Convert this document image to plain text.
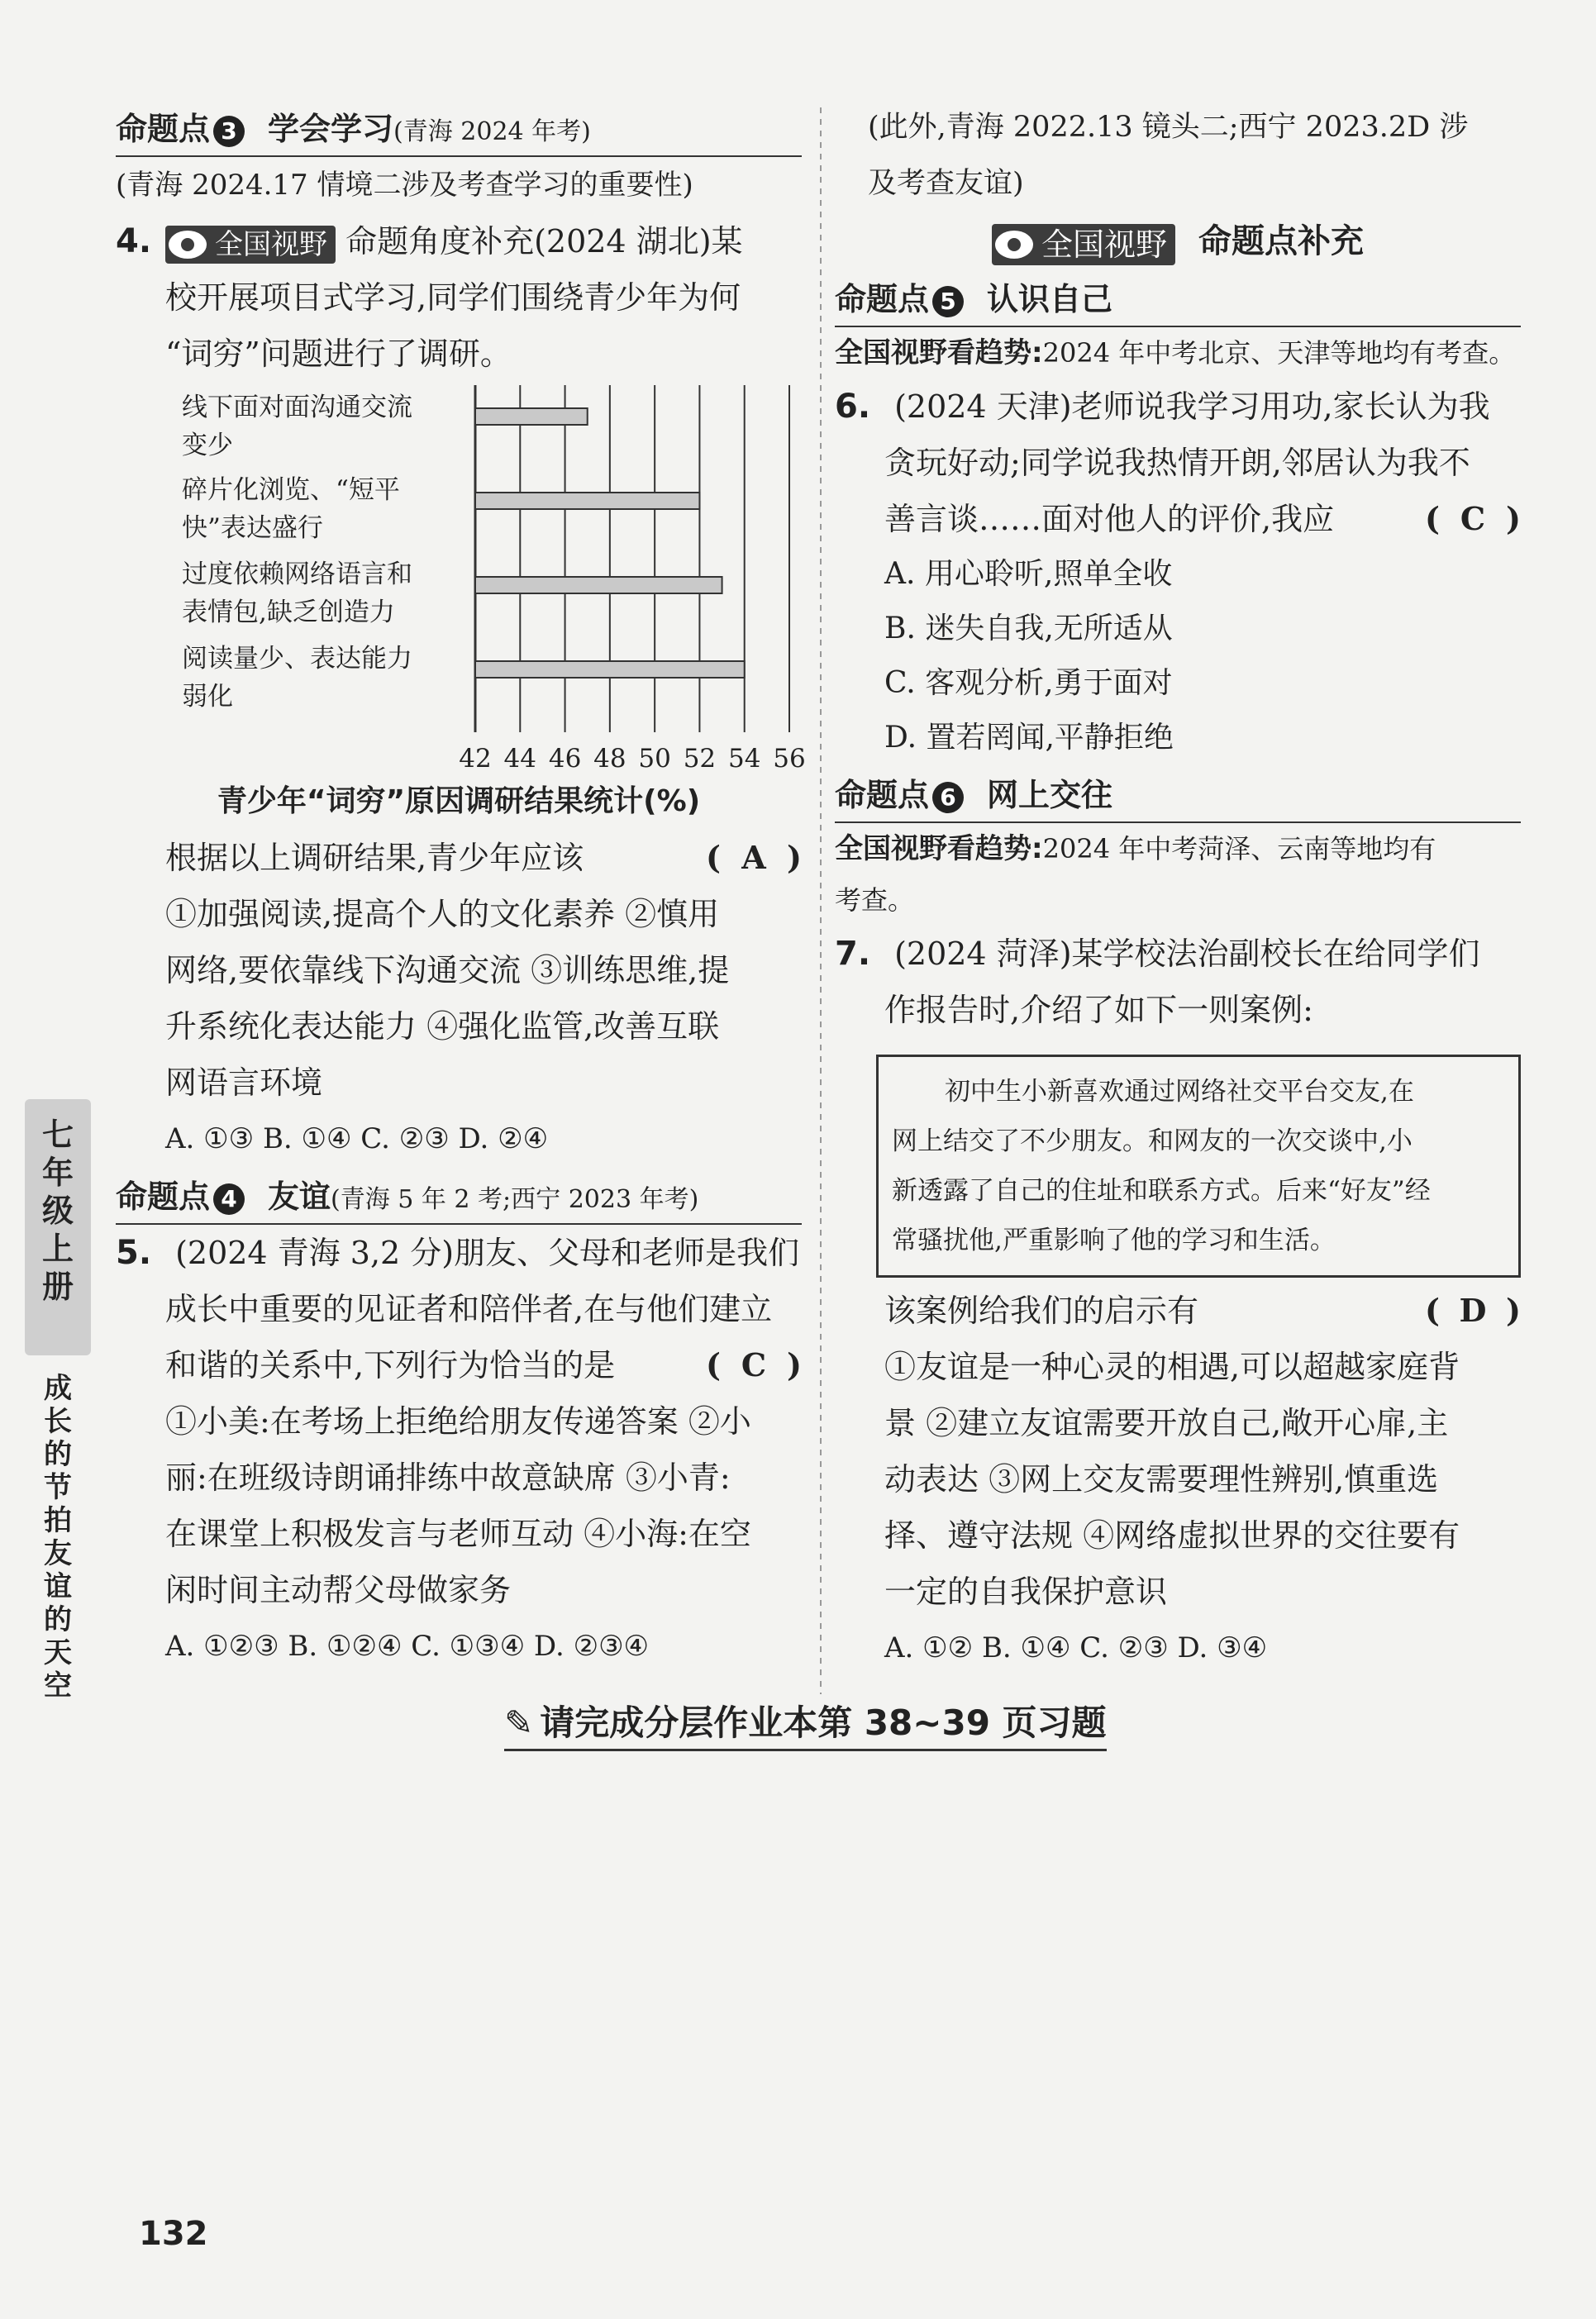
命题点 3 学会学习(青海 2024 年考)
(青海 2024.17 情境二涉及考查学习的重要性)
4. 全国视野 命题角度补充(2024 湖北)某
校开展项目式学习,同学们围绕青少年为何
“词穷”问题进行了调研。
线下面对面沟通交流
变少
碎片化浏览、“短平
快”表达盛行
过度依赖网络语言和
表情包,缺乏创造力
阅读量少、表达能力
弱化
42 44 46 48 50 52 54 56
青少年“词穷”原因调研结果统计(%)
根据以上调研结果,青少年应该	( A )
①加强阅读,提高个人的文化素养 ②慎用
网络,要依靠线下沟通交流 ③训练思维,提
升系统化表达能力 ④强化监管,改善互联
网语言环境
A. ①③ B. ①④ C. ②③ D. ②④
命题点 4 友谊(青海 5 年 2 考;西宁 2023 年考)
5. (2024 青海 3,2 分)朋友、父母和老师是我们
成长中重要的见证者和陪伴者,在与他们建立
和谐的关系中,下列行为恰当的是	( C )
①小美:在考场上拒绝给朋友传递答案 ②小
丽:在班级诗朗诵排练中故意缺席 ③小青:
在课堂上积极发言与老师互动 ④小海:在空
闲时间主动帮父母做家务
A. ①②③ B. ①②④ C. ①③④ D. ②③④
(此外,青海 2022.13 镜头二;西宁 2023.2D 涉
及考查友谊)
全国视野 命题点补充
命题点 5 认识自己
全国视野看趋势:2024 年中考北京、天津等地均有考查。
6. (2024 天津)老师说我学习用功,家长认为我
贪玩好动;同学说我热情开朗,邻居认为我不
善言谈……面对他人的评价,我应	( C )
A. 用心聆听,照单全收
B. 迷失自我,无所适从
C. 客观分析,勇于面对
D. 置若罔闻,平静拒绝
命题点 6 网上交往
全国视野看趋势:2024 年中考菏泽、云南等地均有
考查。
7. (2024 菏泽)某学校法治副校长在给同学们
作报告时,介绍了如下一则案例:
初中生小新喜欢通过网络社交平台交友,在
网上结交了不少朋友。和网友的一次交谈中,小
新透露了自己的住址和联系方式。后来“好友”经
常骚扰他,严重影响了他的学习和生活。
该案例给我们的启示有	( D )
①友谊是一种心灵的相遇,可以超越家庭背
景 ②建立友谊需要开放自己,敞开心扉,主
动表达 ③网上交友需要理性辨别,慎重选
择、遵守法规 ④网络虚拟世界的交往要有
一定的自我保护意识
A. ①② B. ①④ C. ②③ D. ③④
七年级上册
成长的节拍 友谊的天空
✎ 请完成分层作业本第 38~39 页习题
132
